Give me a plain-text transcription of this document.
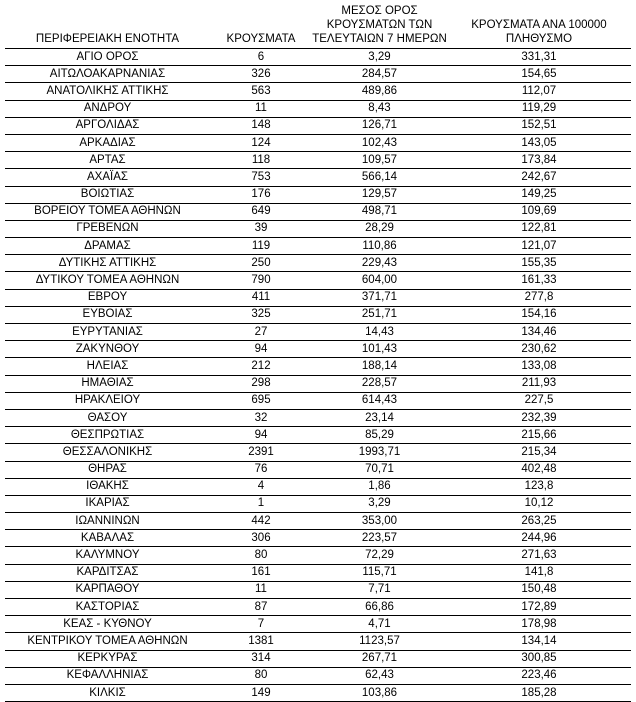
ΠΕΡΙΦΕΡΕΙΑΚΗ ΕΝΟΤΗΤΑ	ΚΡΟΥΣΜΑΤΑ	ΜΕΣΟΣ ΟΡΟΣ
ΚΡΟΥΣΜΑΤΩΝ ΤΩΝ
ΤΕΛΕΥΤΑΙΩΝ 7 ΗΜΕΡΩΝ	ΚΡΟΥΣΜΑΤΑ ΑΝΑ 100000
ΠΛΗΘΥΣΜΟ

ΑΓΙΟ ΟΡΟΣ	6	3,29	331,31
ΑΙΤΩΛΟΑΚΑΡΝΑΝΙΑΣ	326	284,57	154,65
ΑΝΑΤΟΛΙΚΗΣ ΑΤΤΙΚΗΣ	563	489,86	112,07
ΑΝΔΡΟΥ	11	8,43	119,29
ΑΡΓΟΛΙΔΑΣ	148	126,71	152,51
ΑΡΚΑΔΙΑΣ	124	102,43	143,05
ΑΡΤΑΣ	118	109,57	173,84
ΑΧΑΪΑΣ	753	566,14	242,67
ΒΟΙΩΤΙΑΣ	176	129,57	149,25
ΒΟΡΕΙΟΥ ΤΟΜΕΑ ΑΘΗΝΩΝ	649	498,71	109,69
ΓΡΕΒΕΝΩΝ	39	28,29	122,81
ΔΡΑΜΑΣ	119	110,86	121,07
ΔΥΤΙΚΗΣ ΑΤΤΙΚΗΣ	250	229,43	155,35
ΔΥΤΙΚΟΥ ΤΟΜΕΑ ΑΘΗΝΩΝ	790	604,00	161,33
ΕΒΡΟΥ	411	371,71	277,8
ΕΥΒΟΙΑΣ	325	251,71	154,16
ΕΥΡΥΤΑΝΙΑΣ	27	14,43	134,46
ΖΑΚΥΝΘΟΥ	94	101,43	230,62
ΗΛΕΙΑΣ	212	188,14	133,08
ΗΜΑΘΙΑΣ	298	228,57	211,93
ΗΡΑΚΛΕΙΟΥ	695	614,43	227,5
ΘΑΣΟΥ	32	23,14	232,39
ΘΕΣΠΡΩΤΙΑΣ	94	85,29	215,66
ΘΕΣΣΑΛΟΝΙΚΗΣ	2391	1993,71	215,34
ΘΗΡΑΣ	76	70,71	402,48
ΙΘΑΚΗΣ	4	1,86	123,8
ΙΚΑΡΙΑΣ	1	3,29	10,12
ΙΩΑΝΝΙΝΩΝ	442	353,00	263,25
ΚΑΒΑΛΑΣ	306	223,57	244,96
ΚΑΛΥΜΝΟΥ	80	72,29	271,63
ΚΑΡΔΙΤΣΑΣ	161	115,71	141,8
ΚΑΡΠΑΘΟΥ	11	7,71	150,48
ΚΑΣΤΟΡΙΑΣ	87	66,86	172,89
ΚΕΑΣ - ΚΥΘΝΟΥ	7	4,71	178,98
ΚΕΝΤΡΙΚΟΥ ΤΟΜΕΑ ΑΘΗΝΩΝ	1381	1123,57	134,14
ΚΕΡΚΥΡΑΣ	314	267,71	300,85
ΚΕΦΑΛΛΗΝΙΑΣ	80	62,43	223,46
ΚΙΛΚΙΣ	149	103,86	185,28
